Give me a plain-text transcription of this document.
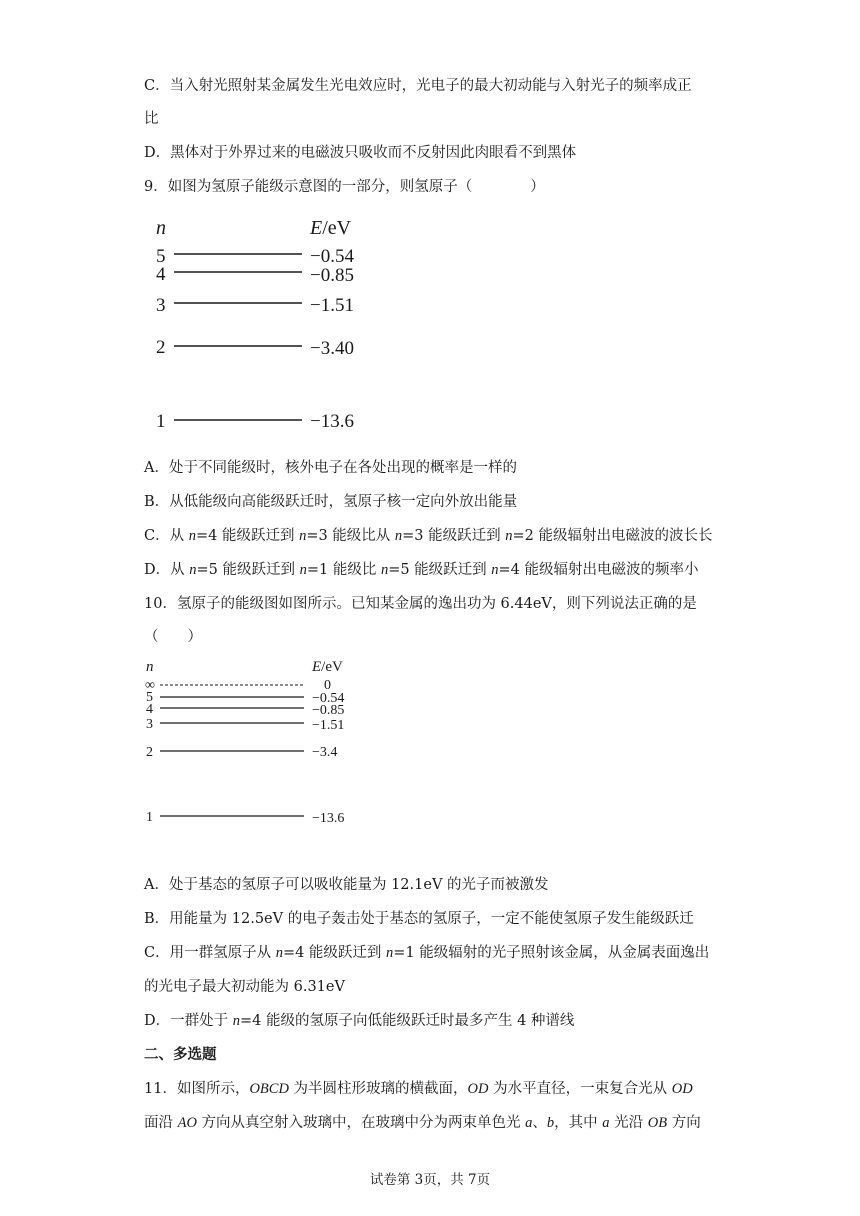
C．当入射光照射某金属发生光电效应时，光电子的最大初动能与入射光子的频率成正
比
D．黑体对于外界过来的电磁波只吸收而不反射因此肉眼看不到黑体
9．如图为氢原子能级示意图的一部分，则氢原子（　　　　）
n	E/eV
5	−0.54
4	−0.85
3	−1.51
2	−3.40
1	−13.6
A．处于不同能级时，核外电子在各处出现的概率是一样的
B．从低能级向高能级跃迁时，氢原子核一定向外放出能量
C．从 n=4 能级跃迁到 n=3 能级比从 n=3 能级跃迁到 n=2 能级辐射出电磁波的波长长
D．从 n=5 能级跃迁到 n=1 能级比 n=5 能级跃迁到 n=4 能级辐射出电磁波的频率小
10．氢原子的能级图如图所示。已知某金属的逸出功为 6.44eV，则下列说法正确的是
（　　）
n	E/eV
∞	0
5	−0.54
4	−0.85
3	−1.51
2	−3.4
1	−13.6
A．处于基态的氢原子可以吸收能量为 12.1eV 的光子而被激发
B．用能量为 12.5eV 的电子轰击处于基态的氢原子，一定不能使氢原子发生能级跃迁
C．用一群氢原子从 n=4 能级跃迁到 n=1 能级辐射的光子照射该金属，从金属表面逸出
的光电子最大初动能为 6.31eV
D．一群处于 n=4 能级的氢原子向低能级跃迁时最多产生 4 种谱线
二、多选题
11．如图所示，OBCD 为半圆柱形玻璃的横截面，OD 为水平直径，一束复合光从 OD
面沿 AO 方向从真空射入玻璃中，在玻璃中分为两束单色光 a、b，其中 a 光沿 OB 方向
试卷第 3页，共 7页
